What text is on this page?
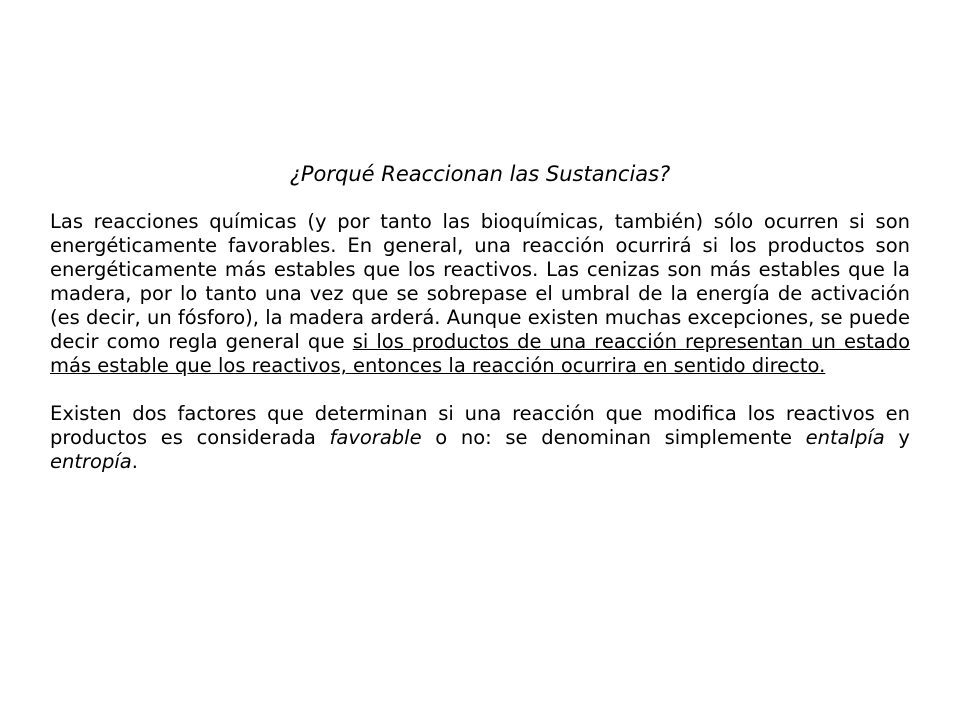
¿Porqué Reaccionan las Sustancias?

Las reacciones químicas (y por tanto las bioquímicas, también) sólo ocurren si son energéticamente favorables. En general, una reacción ocurrirá si los productos son energéticamente más estables que los reactivos. Las cenizas son más estables que la madera, por lo tanto una vez que se sobrepase el umbral de la energía de activación (es decir, un fósforo), la madera arderá. Aunque existen muchas excepciones, se puede decir como regla general que si los productos de una reacción representan un estado más estable que los reactivos, entonces la reacción ocurrira en sentido directo.

Existen dos factores que determinan si una reacción que modifica los reactivos en productos es considerada favorable o no: se denominan simplemente entalpía y entropía.
